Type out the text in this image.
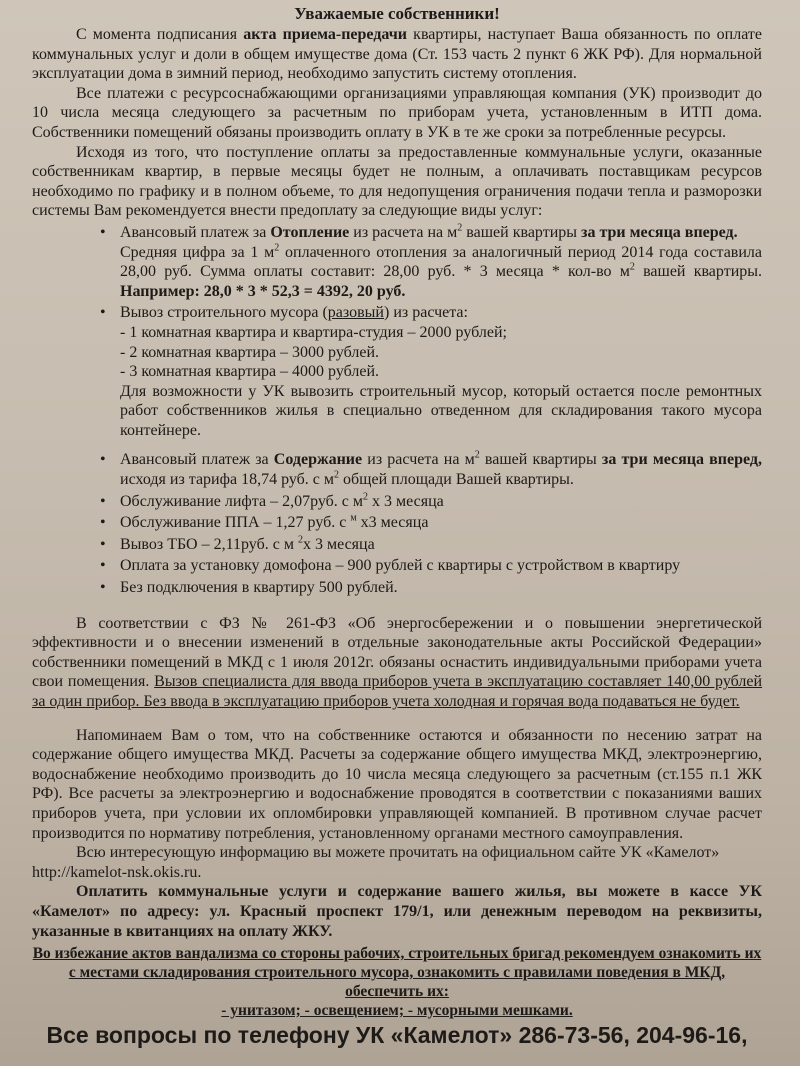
Уважаемые собственники!

С момента подписания акта приема-передачи квартиры, наступает Ваша обязанность по оплате коммунальных услуг и доли в общем имуществе дома (Ст. 153 часть 2 пункт 6 ЖК РФ). Для нормальной эксплуатации дома в зимний период, необходимо запустить систему отопления.

Все платежи с ресурсоснабжающими организациями управляющая компания (УК) производит до 10 числа месяца следующего за расчетным по приборам учета, установленным в ИТП дома. Собственники помещений обязаны производить оплату в УК в те же сроки за потребленные ресурсы.

Исходя из того, что поступление оплаты за предоставленные коммунальные услуги, оказанные собственникам квартир, в первые месяцы будет не полным, а оплачивать поставщикам ресурсов необходимо по графику и в полном объеме, то для недопущения ограничения подачи тепла и разморозки системы Вам рекомендуется внести предоплату за следующие виды услуг:

• Авансовый платеж за Отопление из расчета на $м^2$ вашей квартиры за три месяца вперед.
Средняя цифра за 1 $м^2$ оплаченного отопления за аналогичный период 2014 года составила 28,00 руб. Сумма оплаты составит: 28,00 руб. * 3 месяца * кол-во $м^2$ вашей квартиры. Например: 28,0 * 3 * 52,3 = 4392, 20 руб.
• Вывоз строительного мусора (разовый) из расчета:
- 1 комнатная квартира и квартира-студия – 2000 рублей;
- 2 комнатная квартира – 3000 рублей.
- 3 комнатная квартира – 4000 рублей.
Для возможности у УК вывозить строительный мусор, который остается после ремонтных работ собственников жилья в специально отведенном для складирования такого мусора контейнере.
• Авансовый платеж за Содержание из расчета на $м^2$ вашей квартиры за три месяца вперед, исходя из тарифа 18,74 руб. с $м^2$ общей площади Вашей квартиры.
• Обслуживание лифта – 2,07руб. с $м^2$ х 3 месяца
• Обслуживание ППА – 1,27 руб. с $^м$ х3 месяца
• Вывоз ТБО – 2,11руб. с м $^2$х 3 месяца
• Оплата за установку домофона – 900 рублей с квартиры с устройством в квартиру
• Без подключения в квартиру 500 рублей.

В соответствии с ФЗ № 261-ФЗ «Об энергосбережении и о повышении энергетической эффективности и о внесении изменений в отдельные законодательные акты Российской Федерации» собственники помещений в МКД с 1 июля 2012г. обязаны оснастить индивидуальными приборами учета свои помещения. Вызов специалиста для ввода приборов учета в эксплуатацию составляет 140,00 рублей за один прибор. Без ввода в эксплуатацию приборов учета холодная и горячая вода подаваться не будет.

Напоминаем Вам о том, что на собственнике остаются и обязанности по несению затрат на содержание общего имущества МКД. Расчеты за содержание общего имущества МКД, электроэнергию, водоснабжение необходимо производить до 10 числа месяца следующего за расчетным (ст.155 п.1 ЖК РФ). Все расчеты за электроэнергию и водоснабжение проводятся в соответствии с показаниями ваших приборов учета, при условии их опломбировки управляющей компанией. В противном случае расчет производится по нормативу потребления, установленному органами местного самоуправления.

Всю интересующую информацию вы можете прочитать на официальном сайте УК «Камелот»

http://kamelot-nsk.okis.ru.

Оплатить коммунальные услуги и содержание вашего жилья, вы можете в кассе УК «Камелот» по адресу: ул. Красный проспект 179/1, или денежным переводом на реквизиты, указанные в квитанциях на оплату ЖКУ.

Во избежание актов вандализма со стороны рабочих, строительных бригад рекомендуем ознакомить их с местами складирования строительного мусора, ознакомить с правилами поведения в МКД, обеспечить их:

- унитазом; - освещением; - мусорными мешками.

Все вопросы по телефону УК «Камелот» 286-73-56, 204-96-16,
